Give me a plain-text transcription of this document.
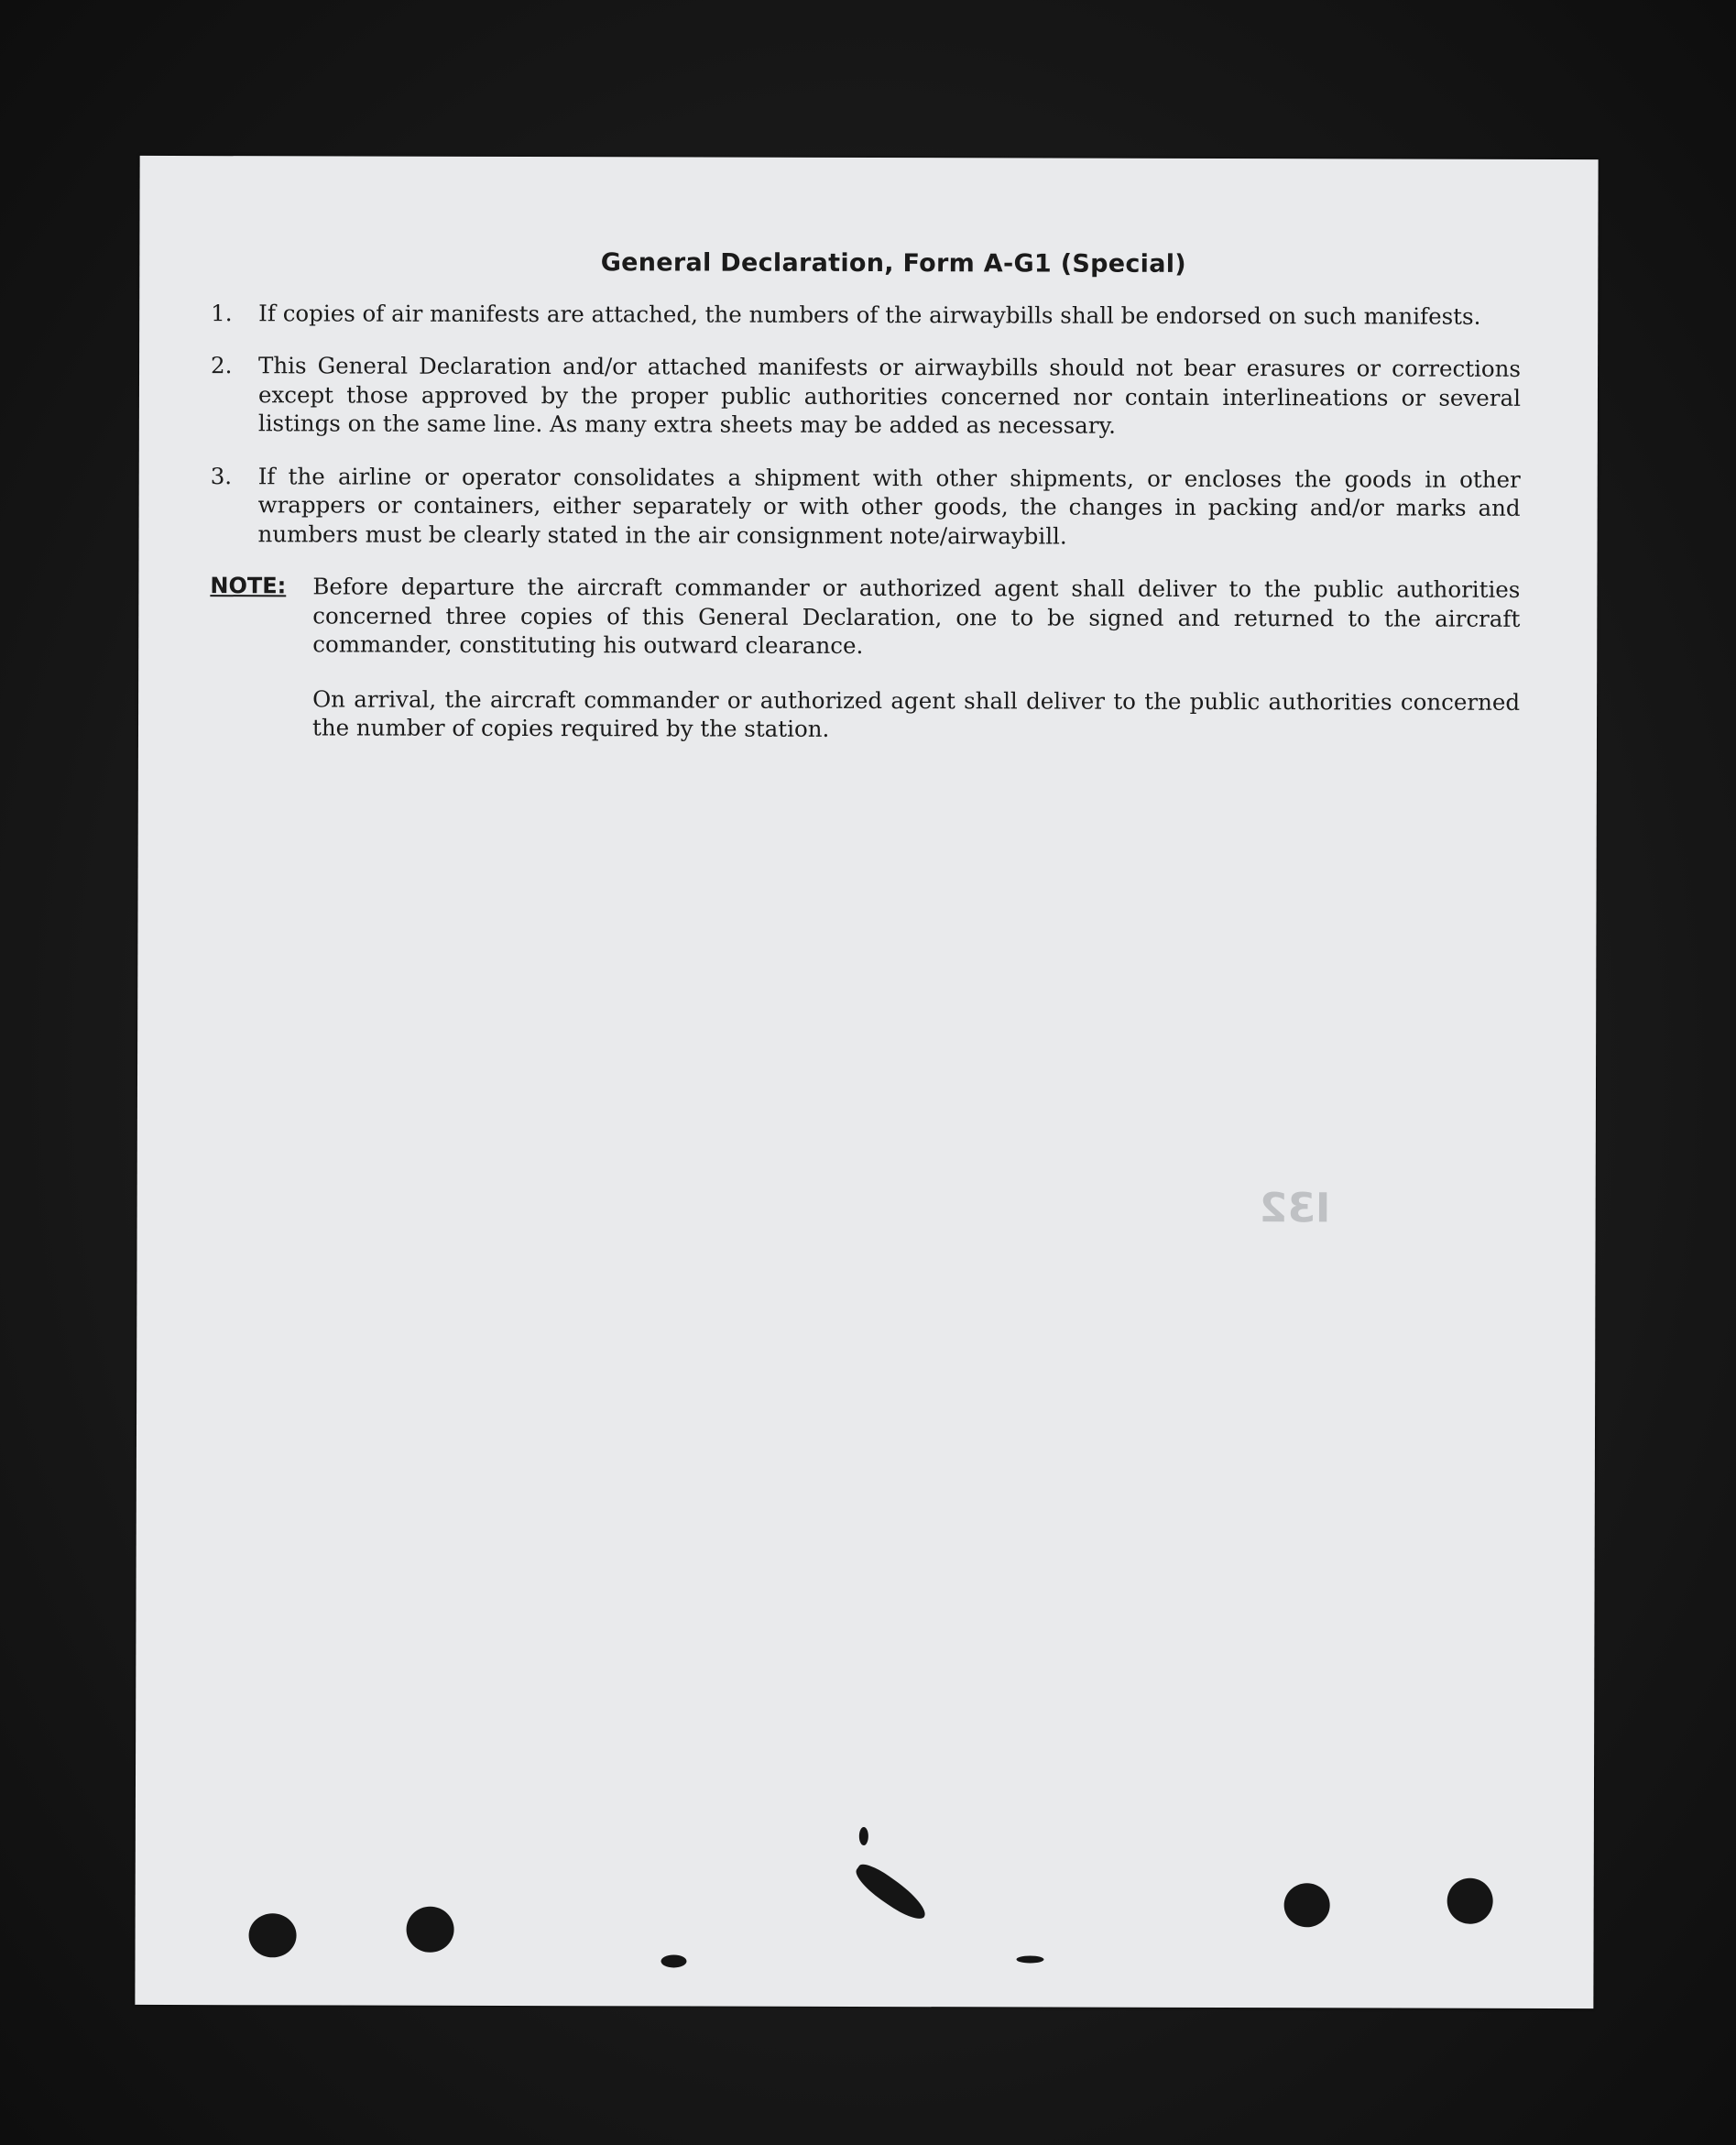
General Declaration, Form A-G1 (Special)
1.	If copies of air manifests are attached, the numbers of the airwaybills shall be endorsed on such manifests.
2.	This General Declaration and/or attached manifests or airwaybills should not bear erasures or corrections except those approved by the proper public authorities concerned nor contain interlineations or several listings on the same line. As many extra sheets may be added as necessary.
3.	If the airline or operator consolidates a shipment with other shipments, or encloses the goods in other wrappers or containers, either separately or with other goods, the changes in packing and/or marks and numbers must be clearly stated in the air consignment note/airwaybill.
NOTE:	Before departure the aircraft commander or authorized agent shall deliver to the public authorities concerned three copies of this General Declaration, one to be signed and returned to the aircraft commander, constituting his outward clearance.
On arrival, the aircraft commander or authorized agent shall deliver to the public authorities concerned the number of copies required by the station.
I32
